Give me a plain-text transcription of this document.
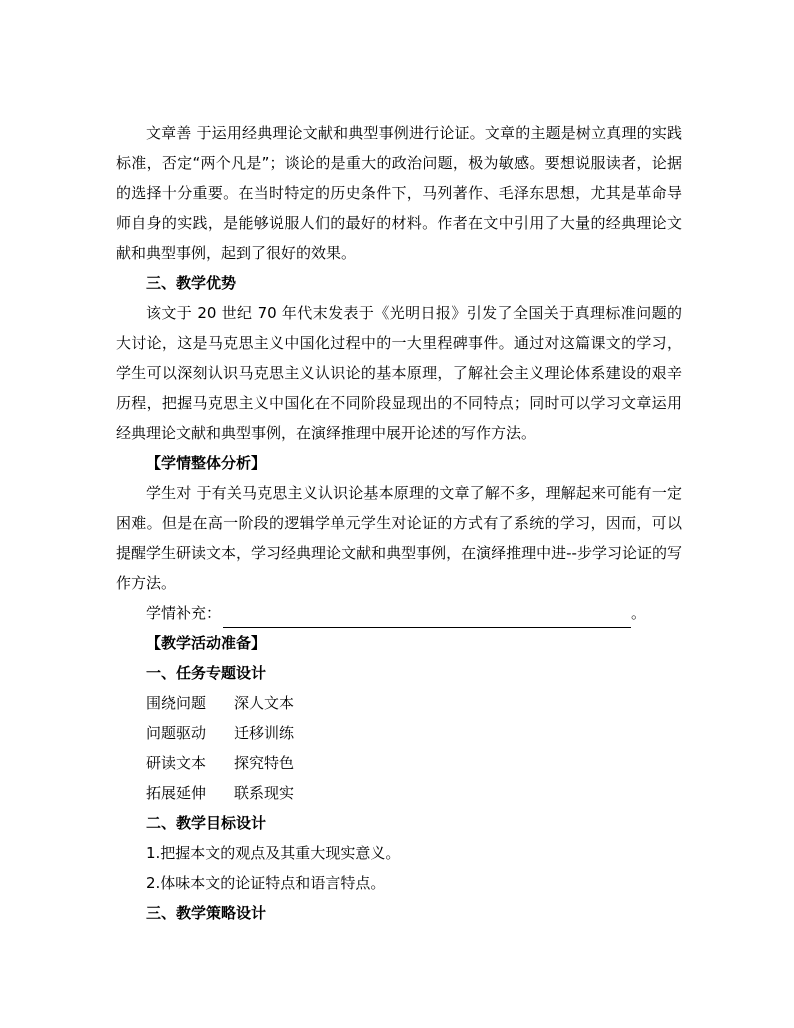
文章善 于运用经典理论文献和典型事例进行论证。文章的主题是树立真理的实践标准，否定“两个凡是”；谈论的是重大的政治问题，极为敏感。要想说服读者，论据的选择十分重要。在当时特定的历史条件下，马列著作、毛泽东思想，尤其是革命导师自身的实践，是能够说服人们的最好的材料。作者在文中引用了大量的经典理论文献和典型事例，起到了很好的效果。

三、教学优势

该文于 20 世纪 70 年代末发表于《光明日报》引发了全国关于真理标准问题的大讨论，这是马克思主义中国化过程中的一大里程碑事件。通过对这篇课文的学习，学生可以深刻认识马克思主义认识论的基本原理，了解社会主义理论体系建设的艰辛历程，把握马克思主义中国化在不同阶段显现出的不同特点；同时可以学习文章运用经典理论文献和典型事例，在演绎推理中展开论述的写作方法。

【学情整体分析】

学生对 于有关马克思主义认识论基本原理的文章了解不多，理解起来可能有一定困难。但是在高一阶段的逻辑学单元学生对论证的方式有了系统的学习，因而，可以提醒学生研读文本，学习经典理论文献和典型事例，在演绎推理中进--步学习论证的写作方法。

学情补充：	。

【教学活动准备】

一、任务专题设计

围绕问题	深人文本
问题驱动	迁移训练
研读文本	探究特色
拓展延伸	联系现实

二、教学目标设计

1.把握本文的观点及其重大现实意义。

2.体味本文的论证特点和语言特点。

三、教学策略设计
